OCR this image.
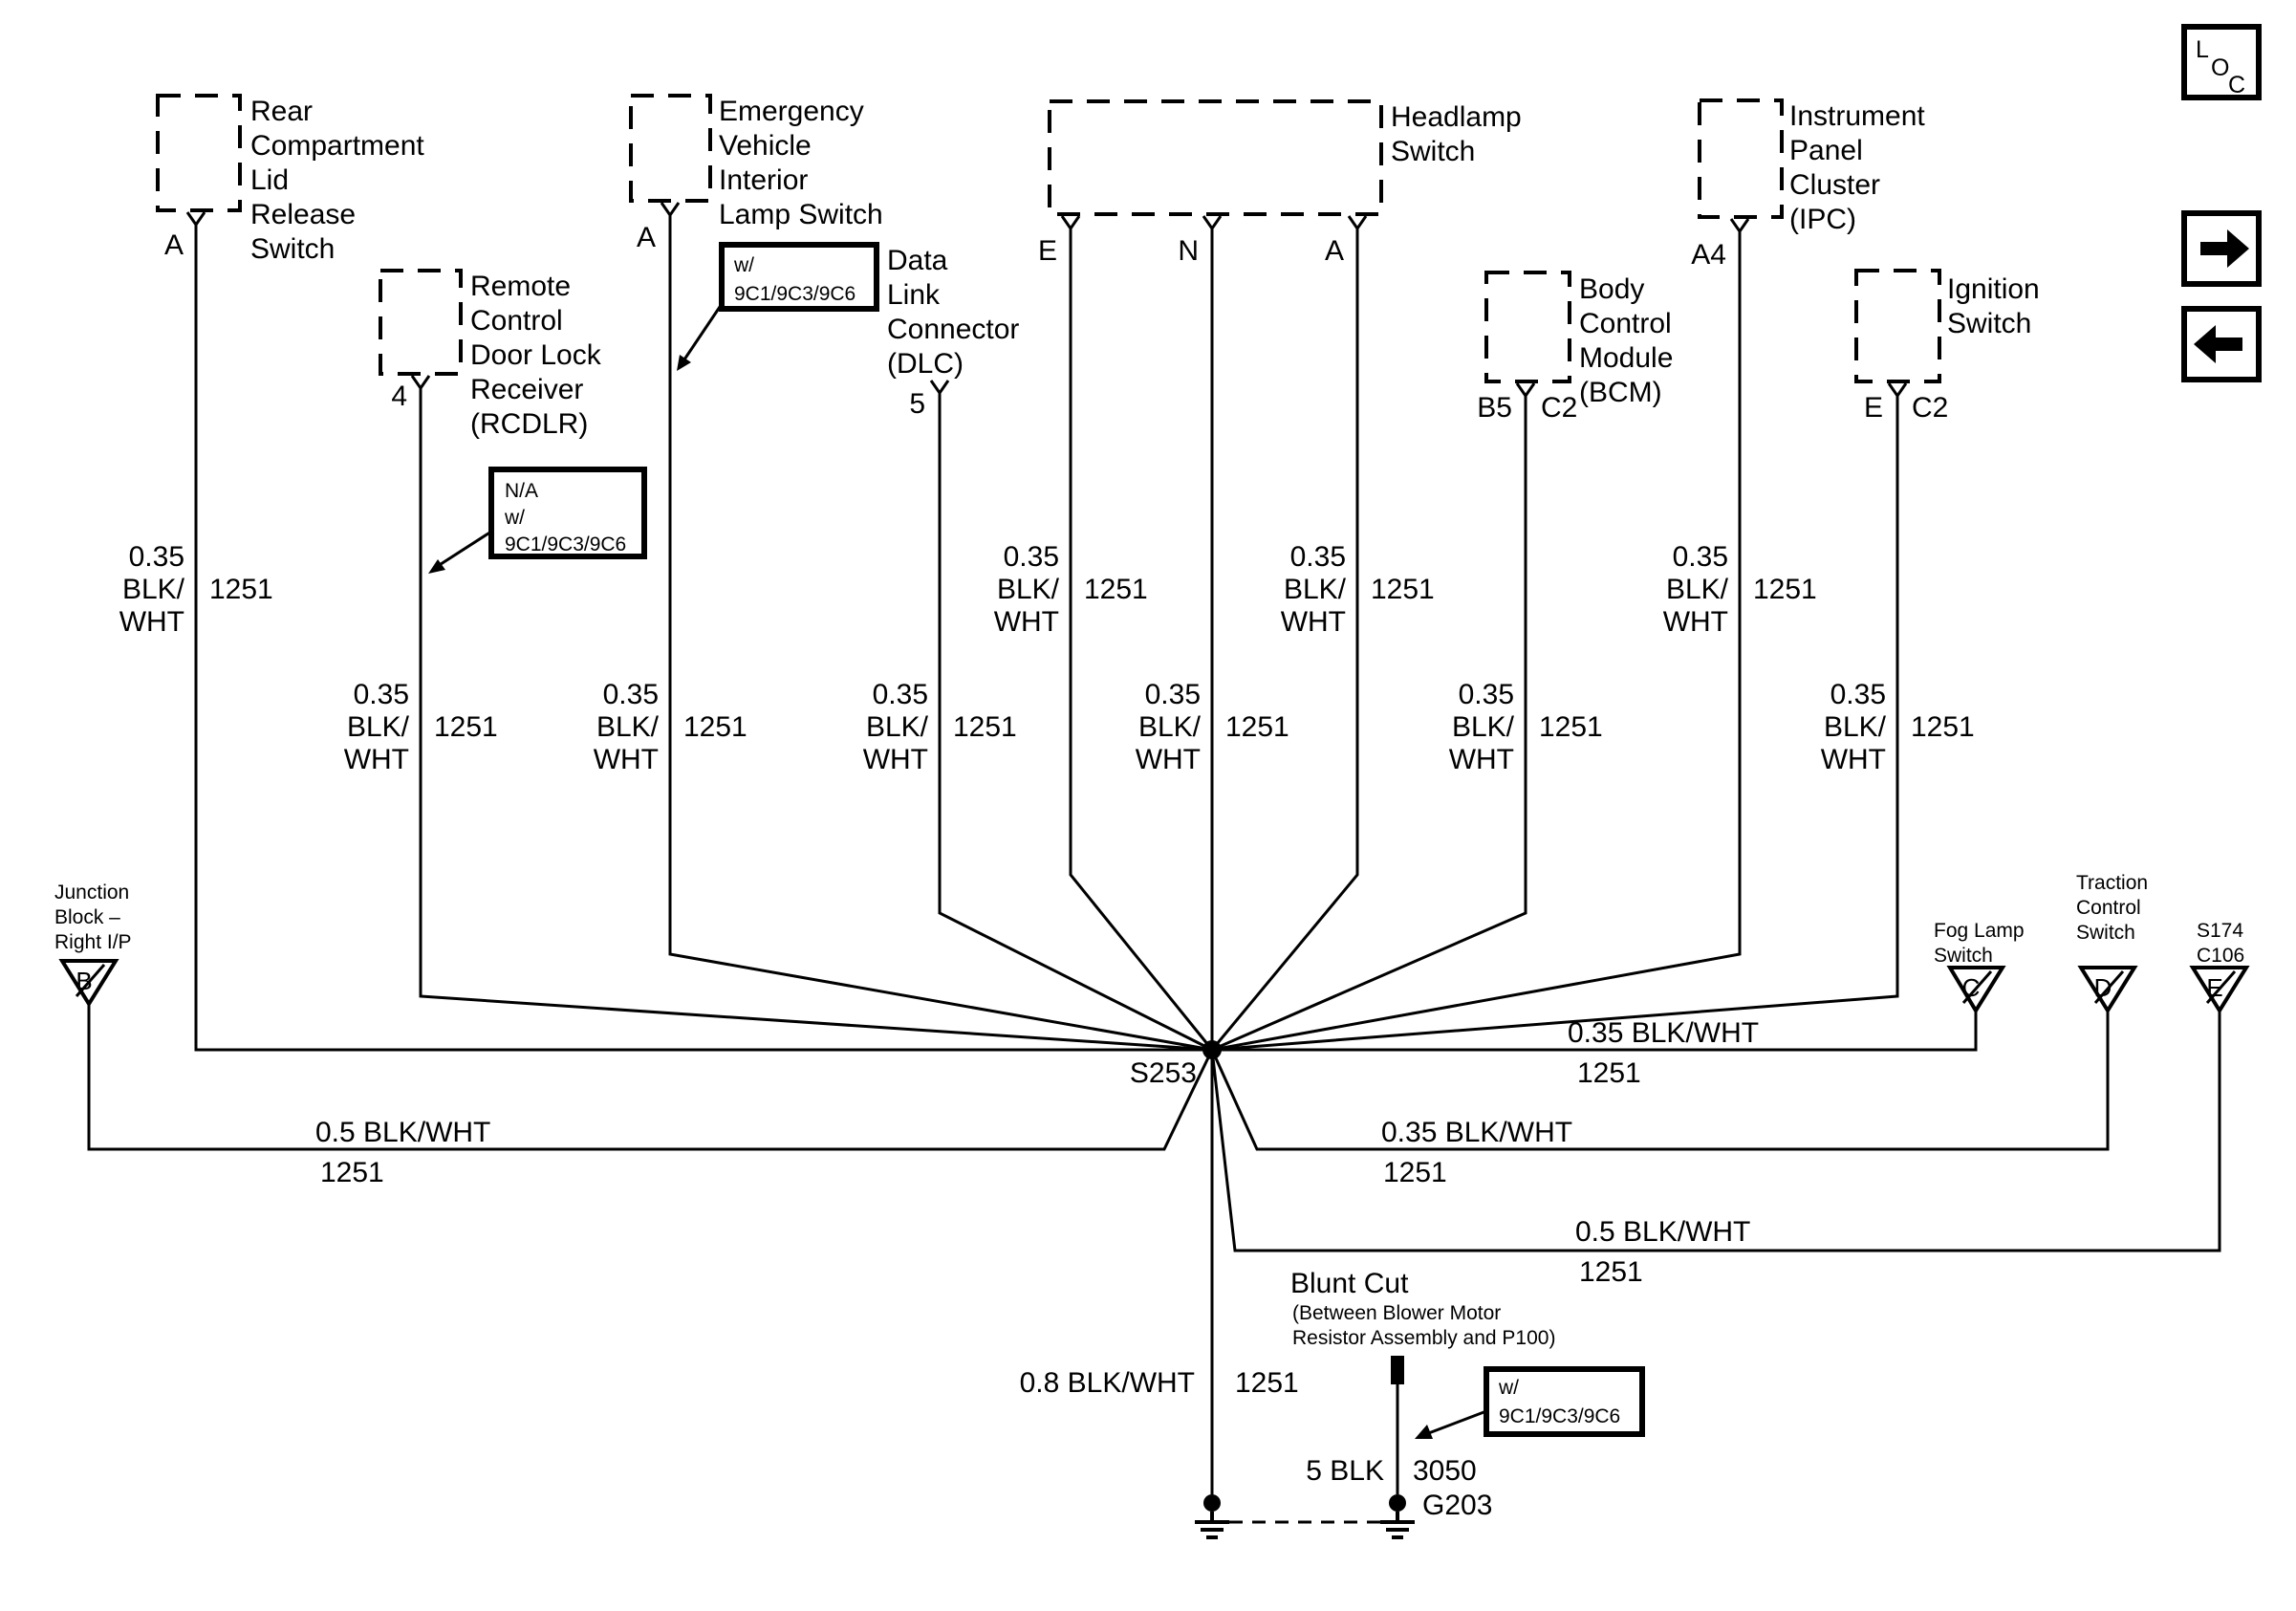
Rear
Compartment
Lid
Release
Switch
A
Remote
Control
Door Lock
Receiver
(RCDLR)
4
Emergency
Vehicle
Interior
Lamp Switch
A
Data
Link
Connector
(DLC)
5
Headlamp
Switch
E	N	A
Body
Control
Module
(BCM)
B5 C2
Instrument
Panel
Cluster
(IPC)
A4
Ignition
Switch
E C2
N/A
w/
9C1/9C3/9C6
w/
9C1/9C3/9C6
w/
9C1/9C3/9C6
Blunt Cut
(Between Blower Motor
Resistor Assembly and P100)
Junction
Block –
Right I/P
B
Fog Lamp
Switch
C
Traction
Control
Switch
D
S174
C106
E
0.35
BLK/
WHT
1251
0.35
BLK/
WHT
1251
0.35
BLK/
WHT
1251
0.35
BLK/
WHT
1251
0.35
BLK/
WHT
1251
0.35
BLK/
WHT
1251
0.35
BLK/
WHT
1251
0.35
BLK/
WHT
1251
0.35
BLK/
WHT
1251
0.35
BLK/
WHT
1251
0.35 BLK/WHT
1251
0.35 BLK/WHT
1251
0.5 BLK/WHT
1251
0.5 BLK/WHT
1251
0.8 BLK/WHT 1251
5 BLK 3050
S253
G203
L
O
C
